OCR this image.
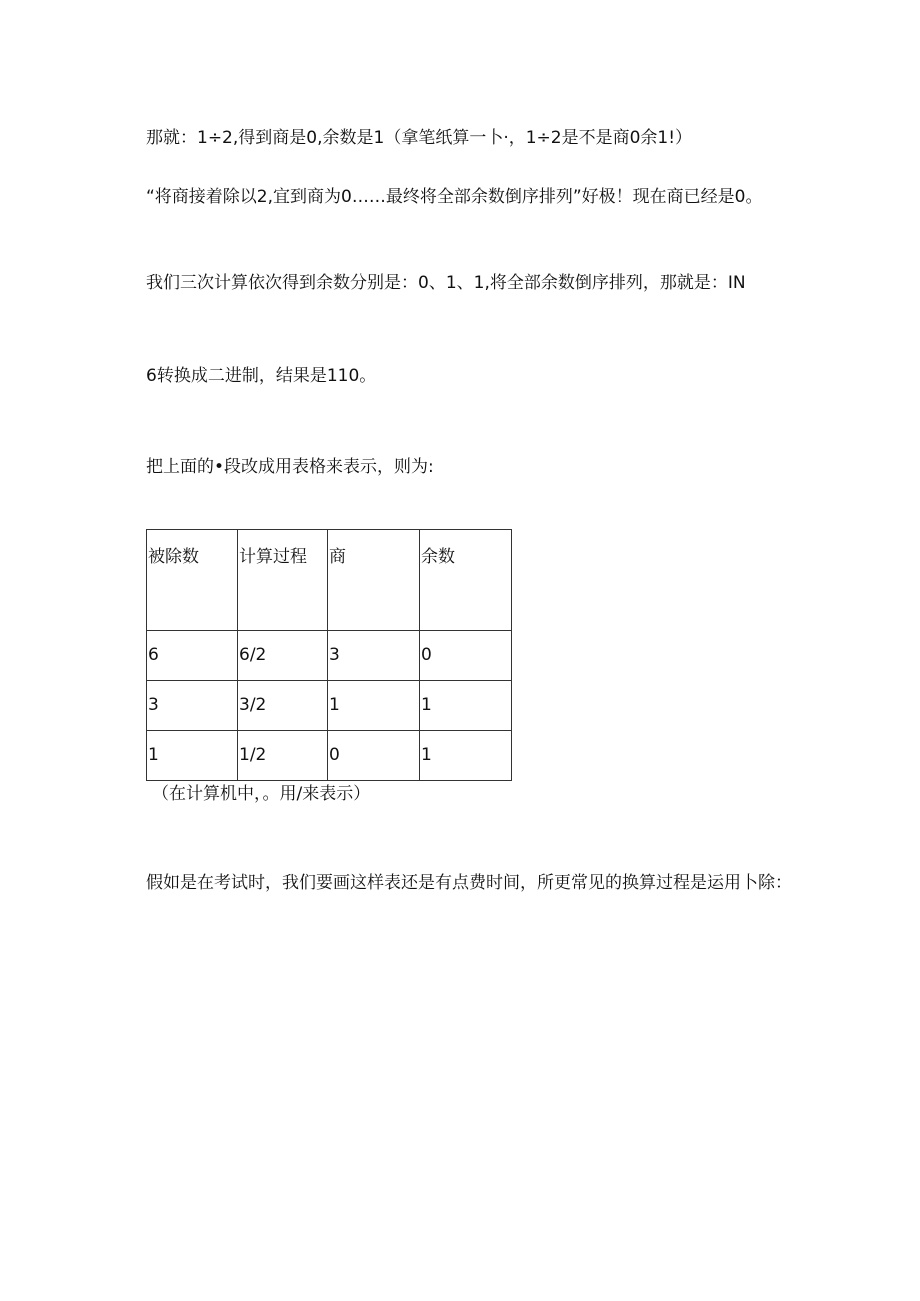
那就：1÷2,得到商是0,余数是1（拿笔纸算一卜·，1÷2是不是商0余1!）
“将商接着除以2,宜到商为0……最终将全部余数倒序排列”好极！现在商已经是0。
我们三次计算依次得到余数分别是：0、1、1,将全部余数倒序排列，那就是：IN
6转换成二进制，结果是110。
把上面的•段改成用表格来表示，则为:
被除数	计算过程	商	余数
6	6/2	3	0
3	3/2	1	1
1	1/2	0	1
（在计算机中，。用/来表示）
假如是在考试时，我们要画这样表还是有点费时间，所更常见的换算过程是运用卜除：
